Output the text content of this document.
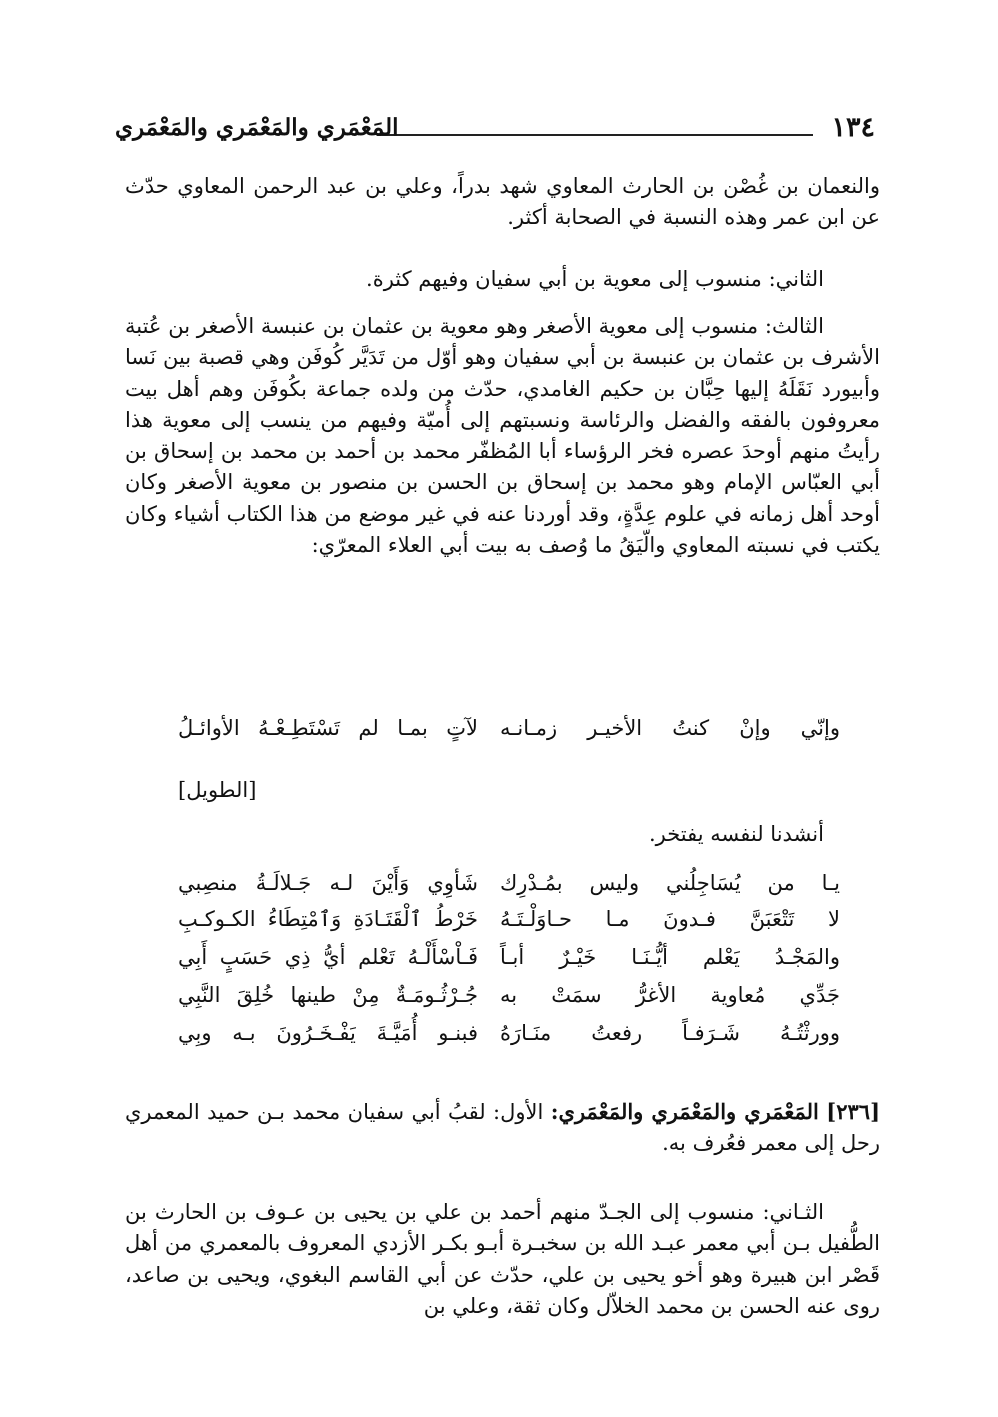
١٣٤
المَعْمَري والمَعْمَري والمَعْمَري

والنعمان بن غُصْن بن الحارث المعاوي شهد بدراً، وعلي بن عبد الرحمن المعاوي حدّث عن ابن عمر وهذه النسبة في الصحابة أكثر.

الثاني: منسوب إلى معوية بن أبي سفيان وفيهم كثرة.

الثالث: منسوب إلى معوية الأصغر وهو معوية بن عثمان بن عنبسة الأصغر بن عُتبة الأشرف بن عثمان بن عنبسة بن أبي سفيان وهو أوّل من تَدَيَّر كُوفَن وهي قصبة بين نَسا وأبيورد نَقَلَهُ إليها حِبَّان بن حكيم الغامدي، حدّث من ولده جماعة بكُوفَن وهم أهل بيت معروفون بالفقه والفضل والرئاسة ونسبتهم إلى أُميّة وفيهم من ينسب إلى معوية هذا رأيتُ منهم أوحدَ عصره فخر الرؤساء أبا المُظفّر محمد بن أحمد بن محمد بن إسحاق بن أبي العبّاس الإمام وهو محمد بن إسحاق بن الحسن بن منصور بن معوية الأصغر وكان أوحد أهل زمانه في علوم عِدَّةٍ، وقد أوردنا عنه في غير موضع من هذا الكتاب أشياء وكان يكتب في نسبته المعاوي والّيَقُ ما وُصف به بيت أبي العلاء المعرّي:

وإنّي وإنْ كنتُ الأخيـر زمـانـه
لآتٍ بمـا لم تَسْتَطِـعْـهُ الأوائـلُ
[الطويل]

أنشدنا لنفسه يفتخر.

يـا من يُسَاجِلُني وليس بمُـدْرِك
شَأوِي وَأَيْنَ لـه جَـلالَـةُ منصِبي
لا تَتْعَبَنَّ فـدونَ مـا حـاوَلْـتَـهُ
خَرْطُ ٱلْقَتَـادَةِ وَٱمْتِطَاءُ الكـوكـبِ
والمَجْـدُ يَعْلم أيُّـنَـا خَيْـرٌ أبـاً
فَـاْسْأَلْـهُ تَعْلم أيُّ ذِي حَسَبٍ أَبِي
جَدِّي مُعاوية الأغرُّ سمَتْ به
جُـرْثُـومَـةٌ مِنْ طينها خُلِقَ النَّبِي
وورثْتُـهُ شَـرَفـاً رفعتُ منَـارَهُ
فبنـو أُمَيَّـةَ يَفْـخَـرُونَ بـه وبِي

[٢٣٦] المَعْمَري والمَعْمَري والمَعْمَري: الأول: لقبُ أبي سفيان محمد بـن حميد المعمري رحل إلى معمر فعُرف به.

الثـاني: منسوب إلى الجـدّ منهم أحمد بن علي بن يحيى بن عـوف بن الحارث بن الطُّفيل بـن أبي معمر عبـد الله بن سخبـرة أبـو بكـر الأزدي المعروف بالمعمري من أهل قَصْر ابن هبيرة وهو أخو يحيى بن علي، حدّث عن أبي القاسم البغوي، ويحيى بن صاعد، روى عنه الحسن بن محمد الخلاّل وكان ثقة، وعلي بن
